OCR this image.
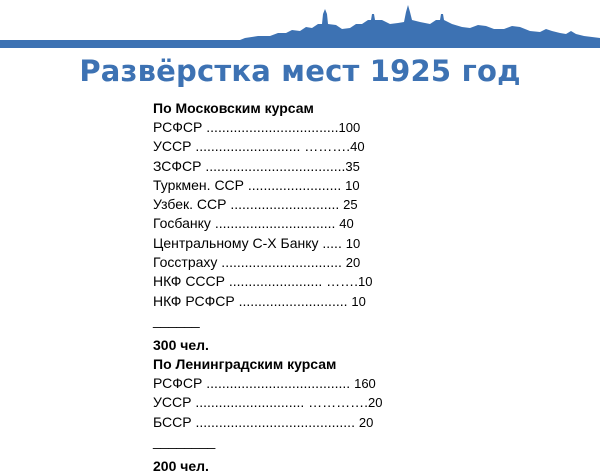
Развёрстка мест 1925 год
По Московским курсам
РСФСР ..................................100
УССР ........................... ……….40
ЗСФСР ....................................35
Туркмен. ССР ........................ 10
Узбек. ССР ............................ 25
Госбанку ............................... 40
Центральному С-Х Банку ..... 10
Госстраху ............................... 20
НКФ СССР ........................ …….10
НКФ РСФСР ............................ 10
______
300 чел.
По Ленинградским курсам
РСФСР ..................................... 160
УССР ............................ ………….20
БССР ......................................... 20
________
200 чел.
